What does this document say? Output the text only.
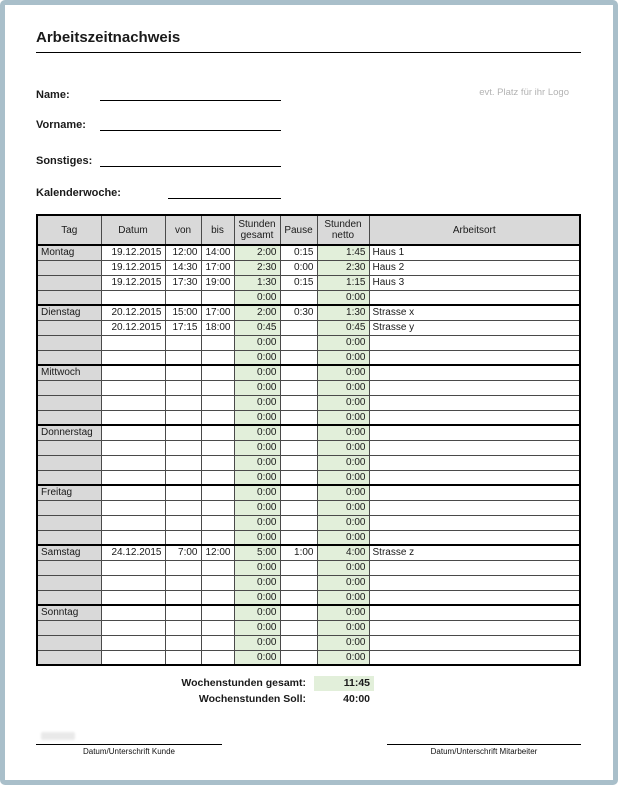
Arbeitszeitnachweis
evt. Platz für ihr Logo
Name:
Vorname:
Sonstiges:
Kalenderwoche:
Tag	Datum	von	bis	Stunden gesamt	Pause	Stunden netto	Arbeitsort
Montag	19.12.2015	12:00	14:00	2:00	0:15	1:45	Haus 1
	19.12.2015	14:30	17:00	2:30	0:00	2:30	Haus 2
	19.12.2015	17:30	19:00	1:30	0:15	1:15	Haus 3
				0:00		0:00	
Dienstag	20.12.2015	15:00	17:00	2:00	0:30	1:30	Strasse x
	20.12.2015	17:15	18:00	0:45		0:45	Strasse y
				0:00		0:00	
				0:00		0:00	
Mittwoch				0:00		0:00	
				0:00		0:00	
				0:00		0:00	
				0:00		0:00	
Donnerstag				0:00		0:00	
				0:00		0:00	
				0:00		0:00	
				0:00		0:00	
Freitag				0:00		0:00	
				0:00		0:00	
				0:00		0:00	
				0:00		0:00	
Samstag	24.12.2015	7:00	12:00	5:00	1:00	4:00	Strasse z
				0:00		0:00	
				0:00		0:00	
				0:00		0:00	
Sonntag				0:00		0:00	
				0:00		0:00	
				0:00		0:00	
				0:00		0:00	
Wochenstunden gesamt:	11:45
Wochenstunden Soll:	40:00
Datum/Unterschrift Kunde	Datum/Unterschrift Mitarbeiter
